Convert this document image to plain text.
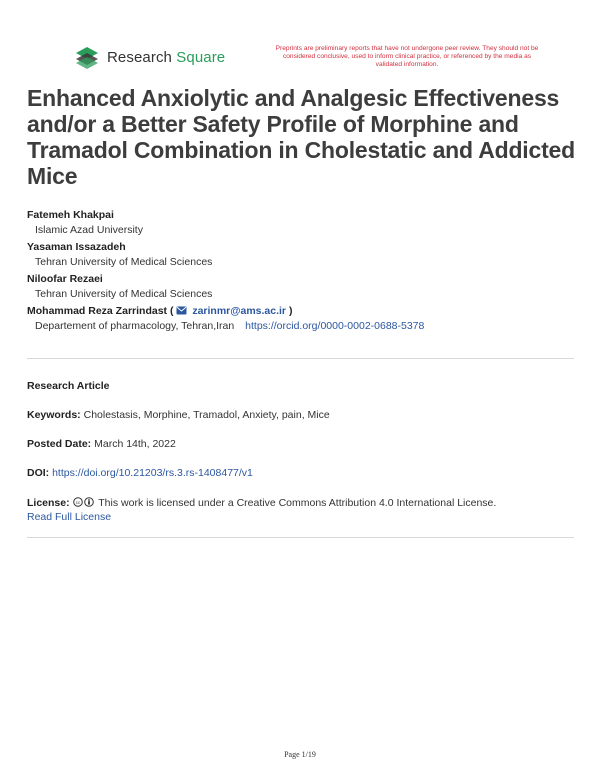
Research Square	Preprints are preliminary reports that have not undergone peer review. They should not be considered conclusive, used to inform clinical practice, or referenced by the media as validated information.
Enhanced Anxiolytic and Analgesic Effectiveness and/or a Better Safety Profile of Morphine and Tramadol Combination in Cholestatic and Addicted Mice
Fatemeh Khakpai
Islamic Azad University
Yasaman Issazadeh
Tehran University of Medical Sciences
Niloofar Rezaei
Tehran University of Medical Sciences
Mohammad Reza Zarrindast ( zarinmr@ams.ac.ir )
Departement of pharmacology, Tehran,Iran https://orcid.org/0000-0002-0688-5378
Research Article
Keywords: Cholestasis, Morphine, Tramadol, Anxiety, pain, Mice
Posted Date: March 14th, 2022
DOI: https://doi.org/10.21203/rs.3.rs-1408477/v1
License: cc This work is licensed under a Creative Commons Attribution 4.0 International License.
Read Full License
Page 1/19
